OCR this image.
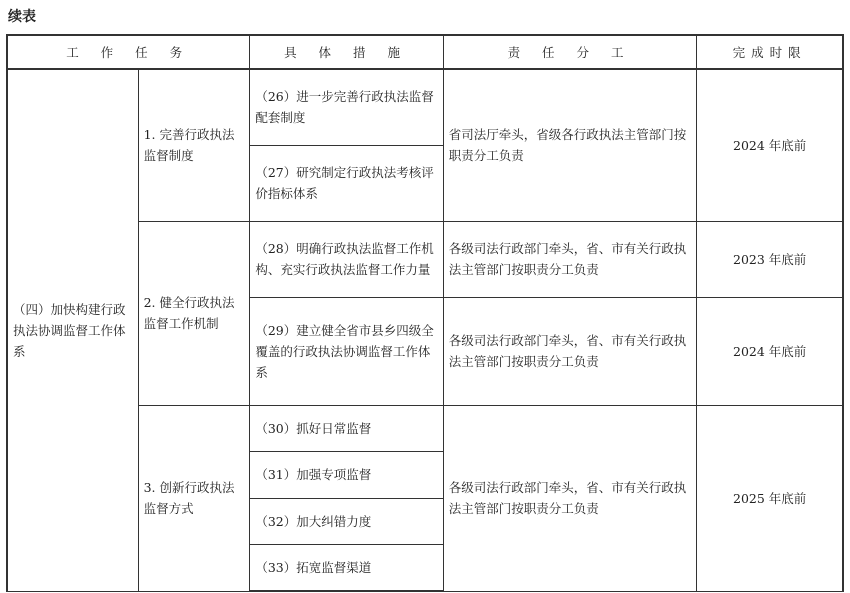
续表
工 作 任 务		具 体 措 施	责 任 分 工	完成时限
（四）加快构建行政执法协调监督工作体系	1. 完善行政执法监督制度	（26）进一步完善行政执法监督配套制度	省司法厅牵头，省级各行政执法主管部门按职责分工负责	2024 年底前
		（27）研究制定行政执法考核评价指标体系		
	2. 健全行政执法监督工作机制	（28）明确行政执法监督工作机构、充实行政执法监督工作力量	各级司法行政部门牵头，省、市有关行政执法主管部门按职责分工负责	2023 年底前
		（29）建立健全省市县乡四级全覆盖的行政执法协调监督工作体系	各级司法行政部门牵头，省、市有关行政执法主管部门按职责分工负责	2024 年底前
	3. 创新行政执法监督方式	（30）抓好日常监督	各级司法行政部门牵头，省、市有关行政执法主管部门按职责分工负责	2025 年底前
		（31）加强专项监督		
		（32）加大纠错力度		
		（33）拓宽监督渠道		
